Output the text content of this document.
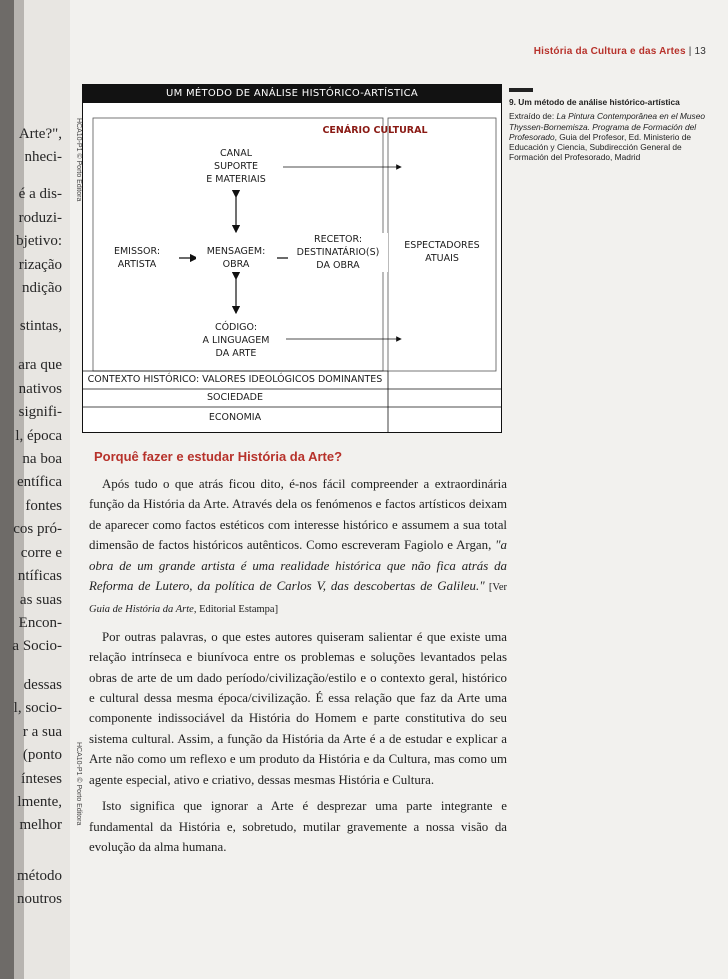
Arte?",
nheci-
é a dis-
roduzi-
bjetivo:
rização
ndição
stintas,
ara que
nativos
signifi-
l, época
na boa
entífica
fontes
cos pró-
corre e
ntíficas
as suas
Encon-
a Socio-
dessas
l, socio-
r a sua
(ponto
ínteses
lmente,
melhor
método
noutros
HCA10-P1 © Porto Editora
HCA10-P1 © Porto Editora
História da Cultura e das Artes | 13
9. Um método de análise histórico-artística
Extraído de: La Pintura Contemporânea en el Museo Thyssen-Bornemisza. Programa de Formación del Profesorado, Guia del Profesor, Ed. Ministerio de Educación y Ciencia, Subdirección General de Formación del Profesorado, Madrid
UM MÉTODO DE ANÁLISE HISTÓRICO-ARTÍSTICA
CENÁRIO CULTURAL
CANAL
SUPORTE
E MATERIAIS
EMISSOR:
ARTISTA
MENSAGEM:
OBRA
RECETOR:
DESTINATÁRIO(S)
DA OBRA
ESPECTADORES
ATUAIS
CÓDIGO:
A LINGUAGEM
DA ARTE
CONTEXTO HISTÓRICO: VALORES IDEOLÓGICOS DOMINANTES
SOCIEDADE
ECONOMIA
Porquê fazer e estudar História da Arte?

Após tudo o que atrás ficou dito, é-nos fácil compreender a extraordinária função da História da Arte. Através dela os fenómenos e factos artísticos deixam de aparecer como factos estéticos com interesse histórico e assumem a sua total dimensão de factos históricos autênticos. Como escreveram Fagiolo e Argan, "a obra de um grande artista é uma realidade histórica que não fica atrás da Reforma de Lutero, da política de Carlos V, das descobertas de Galileu." [Ver Guia de História da Arte, Editorial Estampa]

Por outras palavras, o que estes autores quiseram salientar é que existe uma relação intrínseca e biunívoca entre os problemas e soluções levantados pelas obras de arte de um dado período/civilização/estilo e o contexto geral, histórico e cultural dessa mesma época/civilização. É essa relação que faz da Arte uma componente indissociável da História do Homem e parte constitutiva do seu sistema cultural. Assim, a função da História da Arte é a de estudar e explicar a Arte não como um reflexo e um produto da História e da Cultura, mas como um agente especial, ativo e criativo, dessas mesmas História e Cultura.

Isto significa que ignorar a Arte é desprezar uma parte integrante e fundamental da História e, sobretudo, mutilar gravemente a nossa visão da evolução da alma humana.
